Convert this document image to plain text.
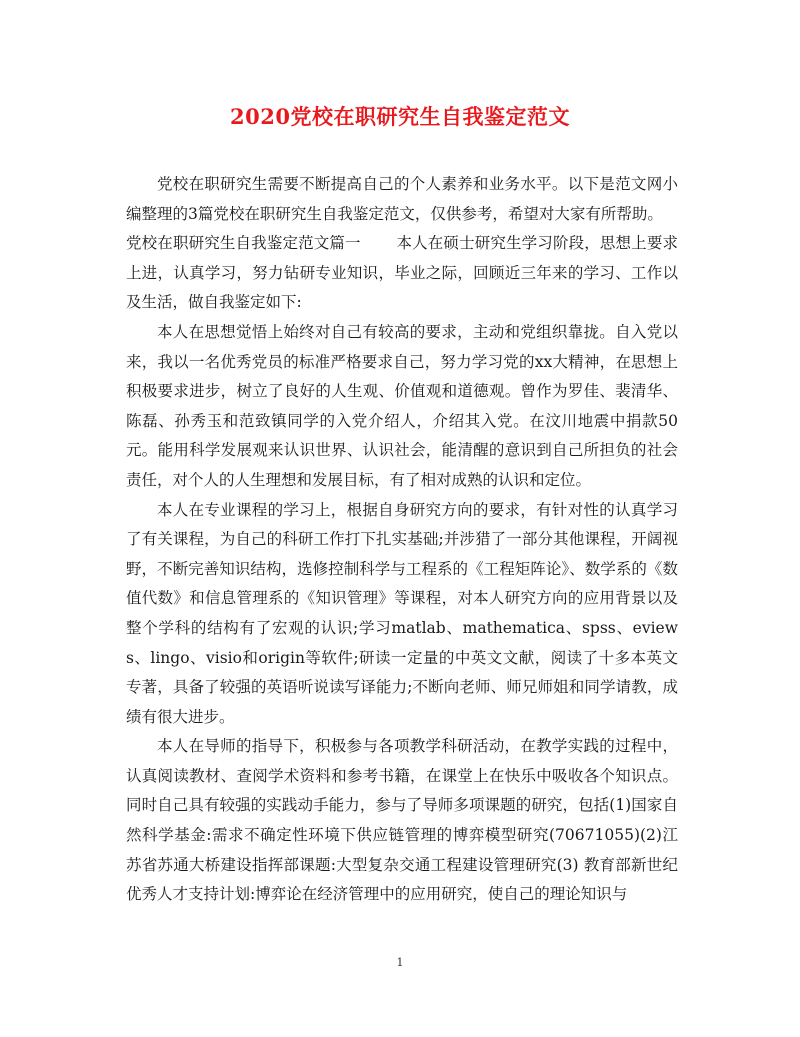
2020党校在职研究生自我鉴定范文

党校在职研究生需要不断提高自己的个人素养和业务水平。以下是范文网小编整理的3篇党校在职研究生自我鉴定范文，仅供参考，希望对大家有所帮助。

党校在职研究生自我鉴定范文篇一 本人在硕士研究生学习阶段，思想上要求上进，认真学习，努力钻研专业知识，毕业之际，回顾近三年来的学习、工作以及生活，做自我鉴定如下:

本人在思想觉悟上始终对自己有较高的要求，主动和党组织靠拢。自入党以来，我以一名优秀党员的标准严格要求自己，努力学习党的xx大精神，在思想上积极要求进步，树立了良好的人生观、价值观和道德观。曾作为罗佳、裴清华、陈磊、孙秀玉和范致镇同学的入党介绍人，介绍其入党。在汶川地震中捐款50元。能用科学发展观来认识世界、认识社会，能清醒的意识到自己所担负的社会责任，对个人的人生理想和发展目标，有了相对成熟的认识和定位。

本人在专业课程的学习上，根据自身研究方向的要求，有针对性的认真学习了有关课程，为自己的科研工作打下扎实基础;并涉猎了一部分其他课程，开阔视野，不断完善知识结构，选修控制科学与工程系的《工程矩阵论》、数学系的《数值代数》和信息管理系的《知识管理》等课程，对本人研究方向的应用背景以及整个学科的结构有了宏观的认识;学习matlab、mathematica、spss、eviews、lingo、visio和origin等软件;研读一定量的中英文文献，阅读了十多本英文专著，具备了较强的英语听说读写译能力;不断向老师、师兄师姐和同学请教，成绩有很大进步。

本人在导师的指导下，积极参与各项教学科研活动，在教学实践的过程中，认真阅读教材、查阅学术资料和参考书籍，在课堂上在快乐中吸收各个知识点。同时自己具有较强的实践动手能力，参与了导师多项课题的研究，包括(1)国家自然科学基金:需求不确定性环境下供应链管理的博弈模型研究(70671055)(2)江苏省苏通大桥建设指挥部课题:大型复杂交通工程建设管理研究(3) 教育部新世纪优秀人才支持计划:博弈论在经济管理中的应用研究，使自己的理论知识与

1
